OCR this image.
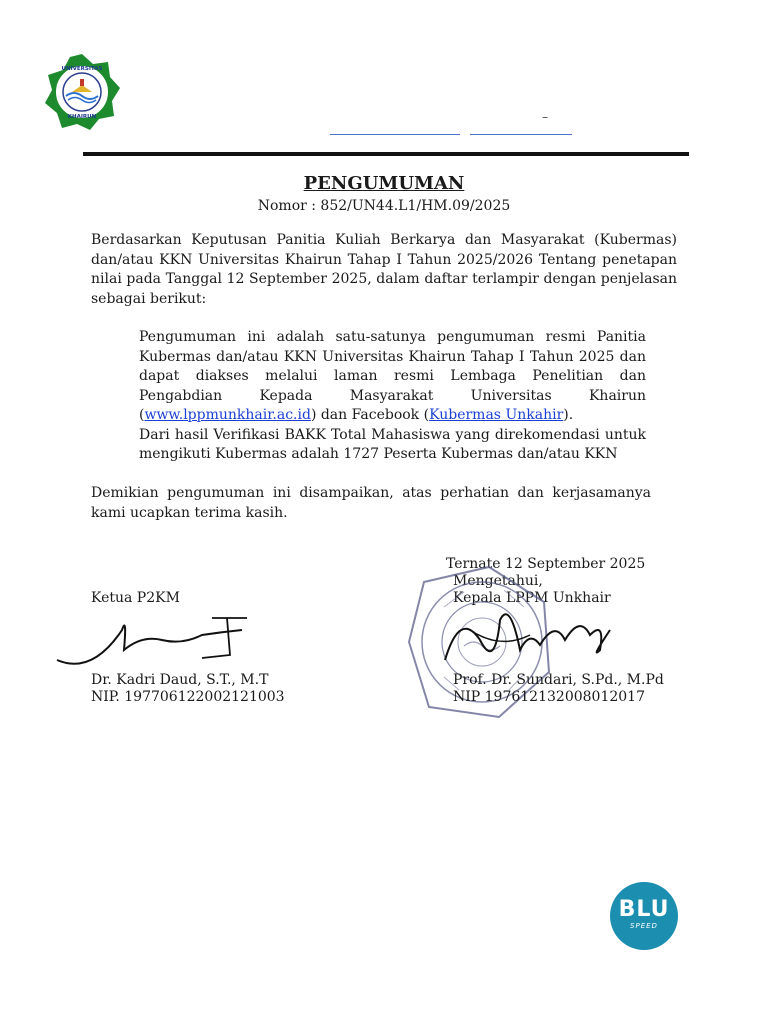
UNIVERSITAS
KHAIRUN	–
PENGUMUMAN
Nomor : 852/UN44.L1/HM.09/2025
Berdasarkan Keputusan Panitia Kuliah Berkarya dan Masyarakat (Kubermas) dan/atau KKN Universitas Khairun Tahap I Tahun 2025/2026 Tentang penetapan nilai pada Tanggal 12 September 2025, dalam daftar terlampir dengan penjelasan sebagai berikut:
Pengumuman ini adalah satu-satunya pengumuman resmi Panitia Kubermas dan/atau KKN Universitas Khairun Tahap I Tahun 2025 dan dapat diakses melalui laman resmi Lembaga Penelitian dan Pengabdian Kepada Masyarakat Universitas Khairun (www.lppmunkhair.ac.id) dan Facebook (Kubermas Unkahir).
Dari hasil Verifikasi BAKK Total Mahasiswa yang direkomendasi untuk mengikuti Kubermas adalah 1727 Peserta Kubermas dan/atau KKN
Demikian pengumuman ini disampaikan, atas perhatian dan kerjasamanya kami ucapkan terima kasih.
Ternate 12 September 2025
Mengetahui,
Kepala LPPM Unkhair
Prof. Dr. Sundari, S.Pd., M.Pd
NIP 197612132008012017
Ketua P2KM
Dr. Kadri Daud, S.T., M.T
NIP. 197706122002121003
BLU
SPEED
